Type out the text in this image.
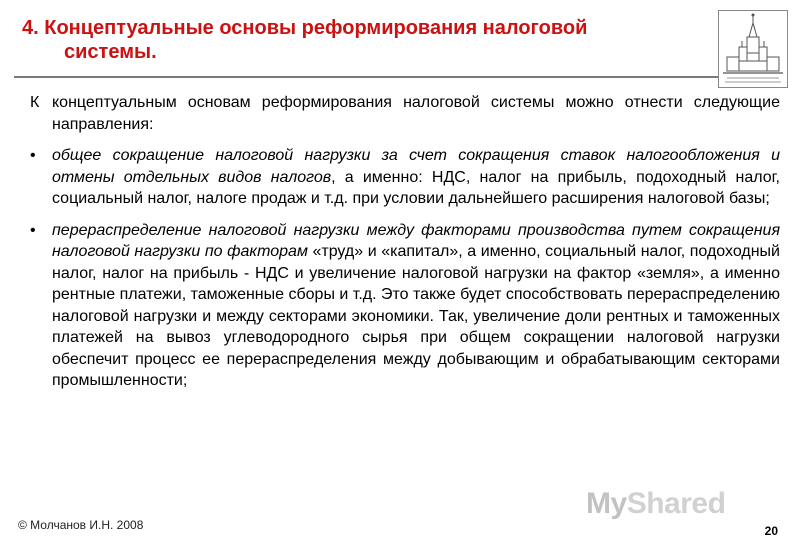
4. Концептуальные основы реформирования налоговой
системы.
К концептуальным основам реформирования налоговой системы можно отнести следующие направления:
•	общее сокращение налоговой нагрузки за счет сокращения ставок налогообложения и отмены отдельных видов налогов, а именно: НДС, налог на прибыль, подоходный налог, социальный налог, налоге продаж и т.д. при условии дальнейшего расширения налоговой базы;
•	перераспределение налоговой нагрузки между факторами производства путем сокращения налоговой нагрузки по факторам «труд» и «капитал», а именно, социальный налог, подоходный налог, налог на прибыль - НДС и увеличение налоговой нагрузки на фактор «земля», а именно рентные платежи, таможенные сборы и т.д. Это также будет способствовать перераспределению налоговой нагрузки и между секторами экономики. Так, увеличение доли рентных и таможенных платежей на вывоз углеводородного сырья при общем сокращении налоговой нагрузки обеспечит процесс ее перераспределения между добывающим и обрабатывающим секторами промышленности;
MyShared
© Молчанов И.Н. 2008	20
